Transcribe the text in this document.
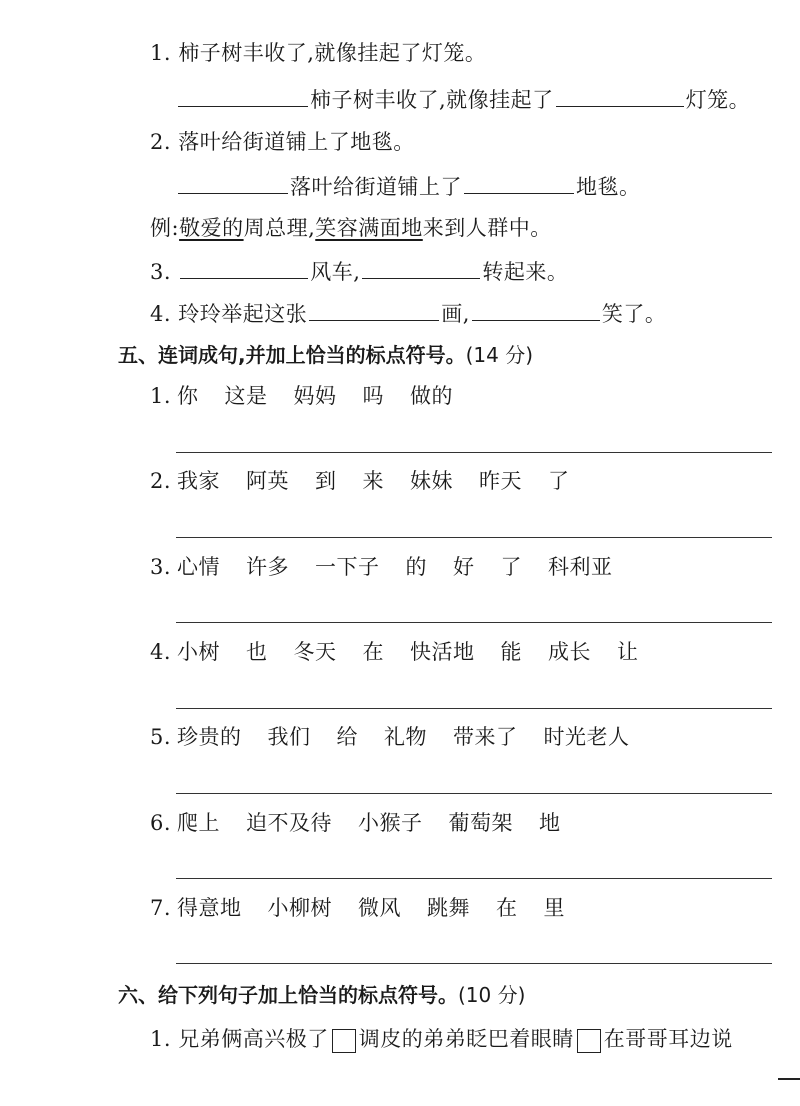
1. 柿子树丰收了,就像挂起了灯笼。
柿子树丰收了,就像挂起了	灯笼。
2. 落叶给街道铺上了地毯。
落叶给街道铺上了	地毯。
例:敬爱的周总理,笑容满面地来到人群中。
3.	风车,	转起来。
4. 玲玲举起这张	画,	笑了。
五、连词成句,并加上恰当的标点符号。(14 分)
1. 你 这是 妈妈 吗 做的
2. 我家 阿英 到 来 妹妹 昨天 了
3. 心情 许多 一下子 的 好 了 科利亚
4. 小树 也 冬天 在 快活地 能 成长 让
5. 珍贵的 我们 给 礼物 带来了 时光老人
6. 爬上 迫不及待 小猴子 葡萄架 地
7. 得意地 小柳树 微风 跳舞 在 里
六、给下列句子加上恰当的标点符号。(10 分)
1. 兄弟俩高兴极了 调皮的弟弟眨巴着眼睛 在哥哥耳边说
